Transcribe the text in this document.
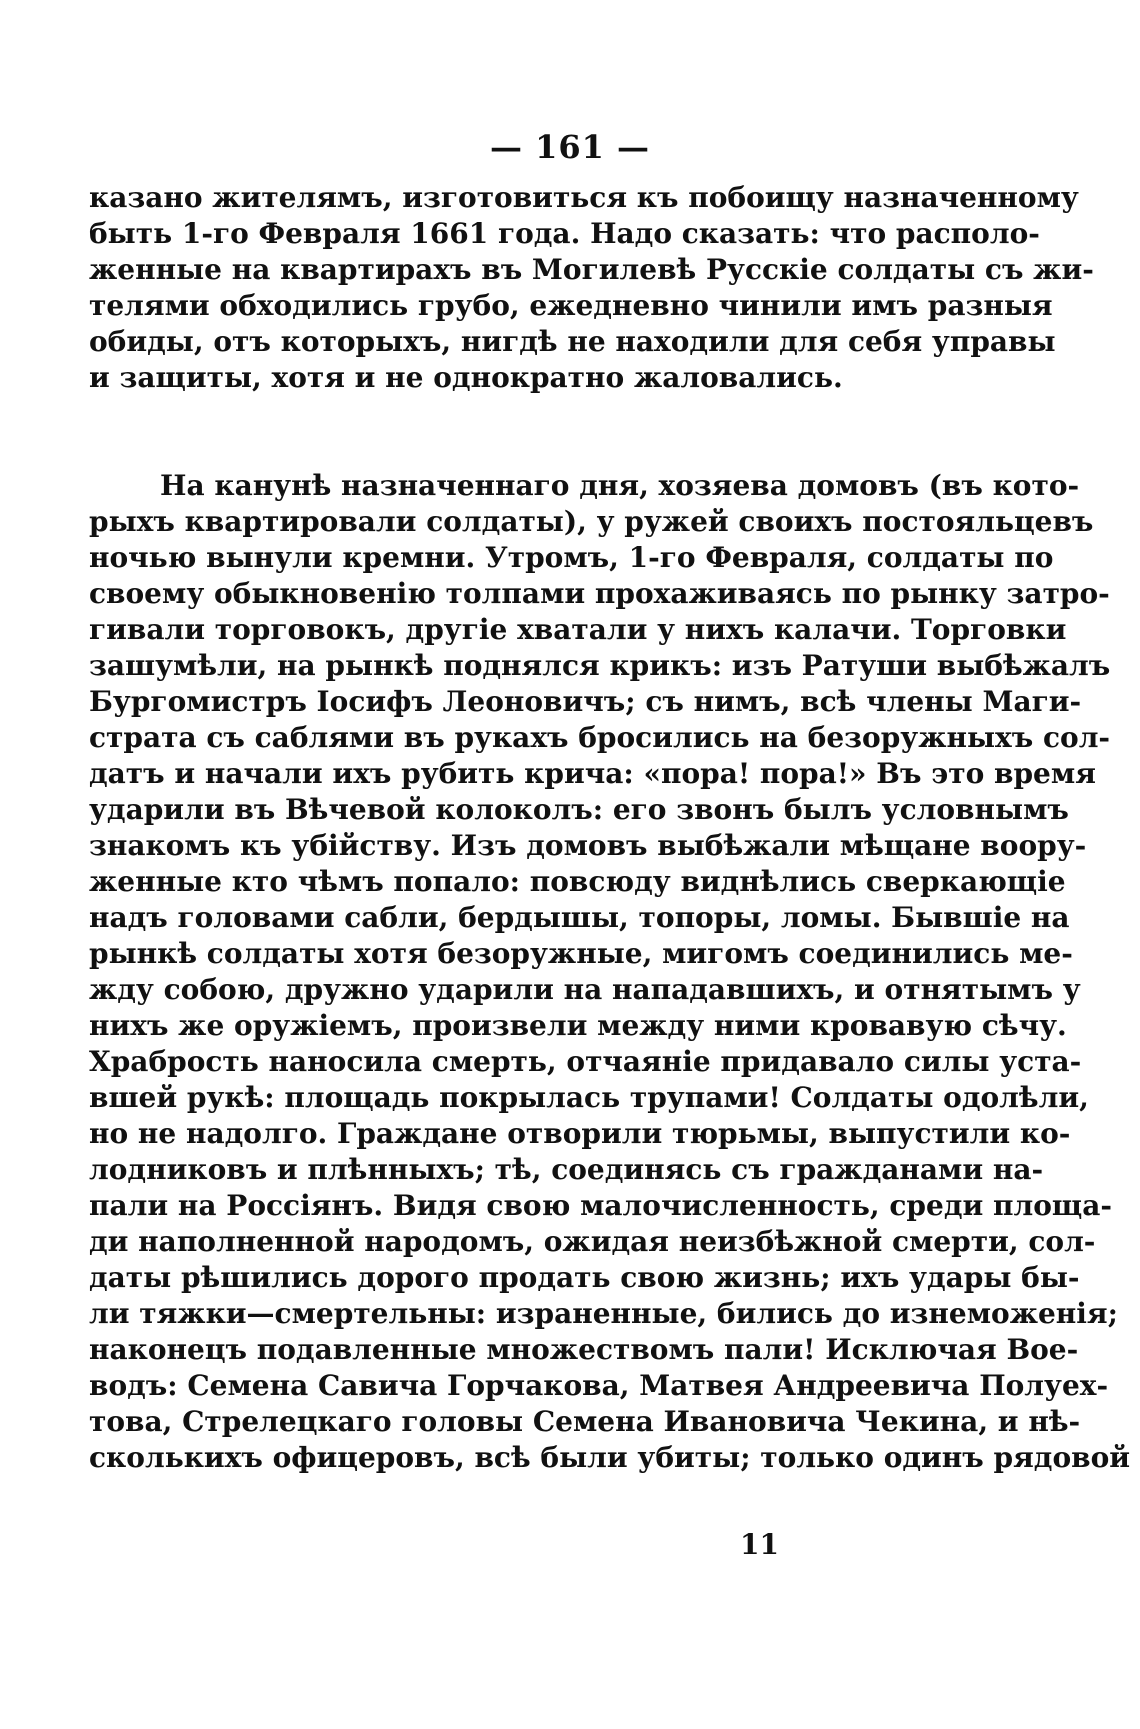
— 161 —
казано жителямъ, изготовиться къ побоищу назначенному
быть 1-го Февраля 1661 года. Надо сказать: что располо-
женные на квартирахъ въ Могилевѣ Русскіе солдаты съ жи-
телями обходились грубо, ежедневно чинили имъ разныя
обиды, отъ которыхъ, нигдѣ не находили для себя управы
и защиты, хотя и не однократно жаловались.
На канунѣ назначеннаго дня, хозяева домовъ (въ кото-
рыхъ квартировали солдаты), у ружей своихъ постояльцевъ
ночью вынули кремни. Утромъ, 1-го Февраля, солдаты по
своему обыкновенію толпами прохаживаясь по рынку затро-
гивали торговокъ, другіе хватали у нихъ калачи. Торговки
зашумѣли, на рынкѣ поднялся крикъ: изъ Ратуши выбѣжалъ
Бургомистръ Іосифъ Леоновичъ; съ нимъ, всѣ члены Маги-
страта съ саблями въ рукахъ бросились на безоружныхъ сол-
датъ и начали ихъ рубить крича: «пора! пора!» Въ это время
ударили въ Вѣчевой колоколъ: его звонъ былъ условнымъ
знакомъ къ убійству. Изъ домовъ выбѣжали мѣщане воору-
женные кто чѣмъ попало: повсюду виднѣлись сверкающіе
надъ головами сабли, бердышы, топоры, ломы. Бывшіе на
рынкѣ солдаты хотя безоружные, мигомъ соединились ме-
жду собою, дружно ударили на нападавшихъ, и отнятымъ у
нихъ же оружіемъ, произвели между ними кровавую сѣчу.
Храбрость наносила смерть, отчаяніе придавало силы уста-
вшей рукѣ: площадь покрылась трупами! Солдаты одолѣли,
но не надолго. Граждане отворили тюрьмы, выпустили ко-
лодниковъ и плѣнныхъ; тѣ, соединясь съ гражданами на-
пали на Россіянъ. Видя свою малочисленность, среди площа-
ди наполненной народомъ, ожидая неизбѣжной смерти, сол-
даты рѣшились дорого продать свою жизнь; ихъ удары бы-
ли тяжки—смертельны: израненные, бились до изнеможенія;
наконецъ подавленные множествомъ пали! Исключая Вое-
водъ: Семена Савича Горчакова, Матвея Андреевича Полуех-
това, Стрелецкаго головы Семена Ивановича Чекина, и нѣ-
сколькихъ офицеровъ, всѣ были убиты; только одинъ рядовой
11
